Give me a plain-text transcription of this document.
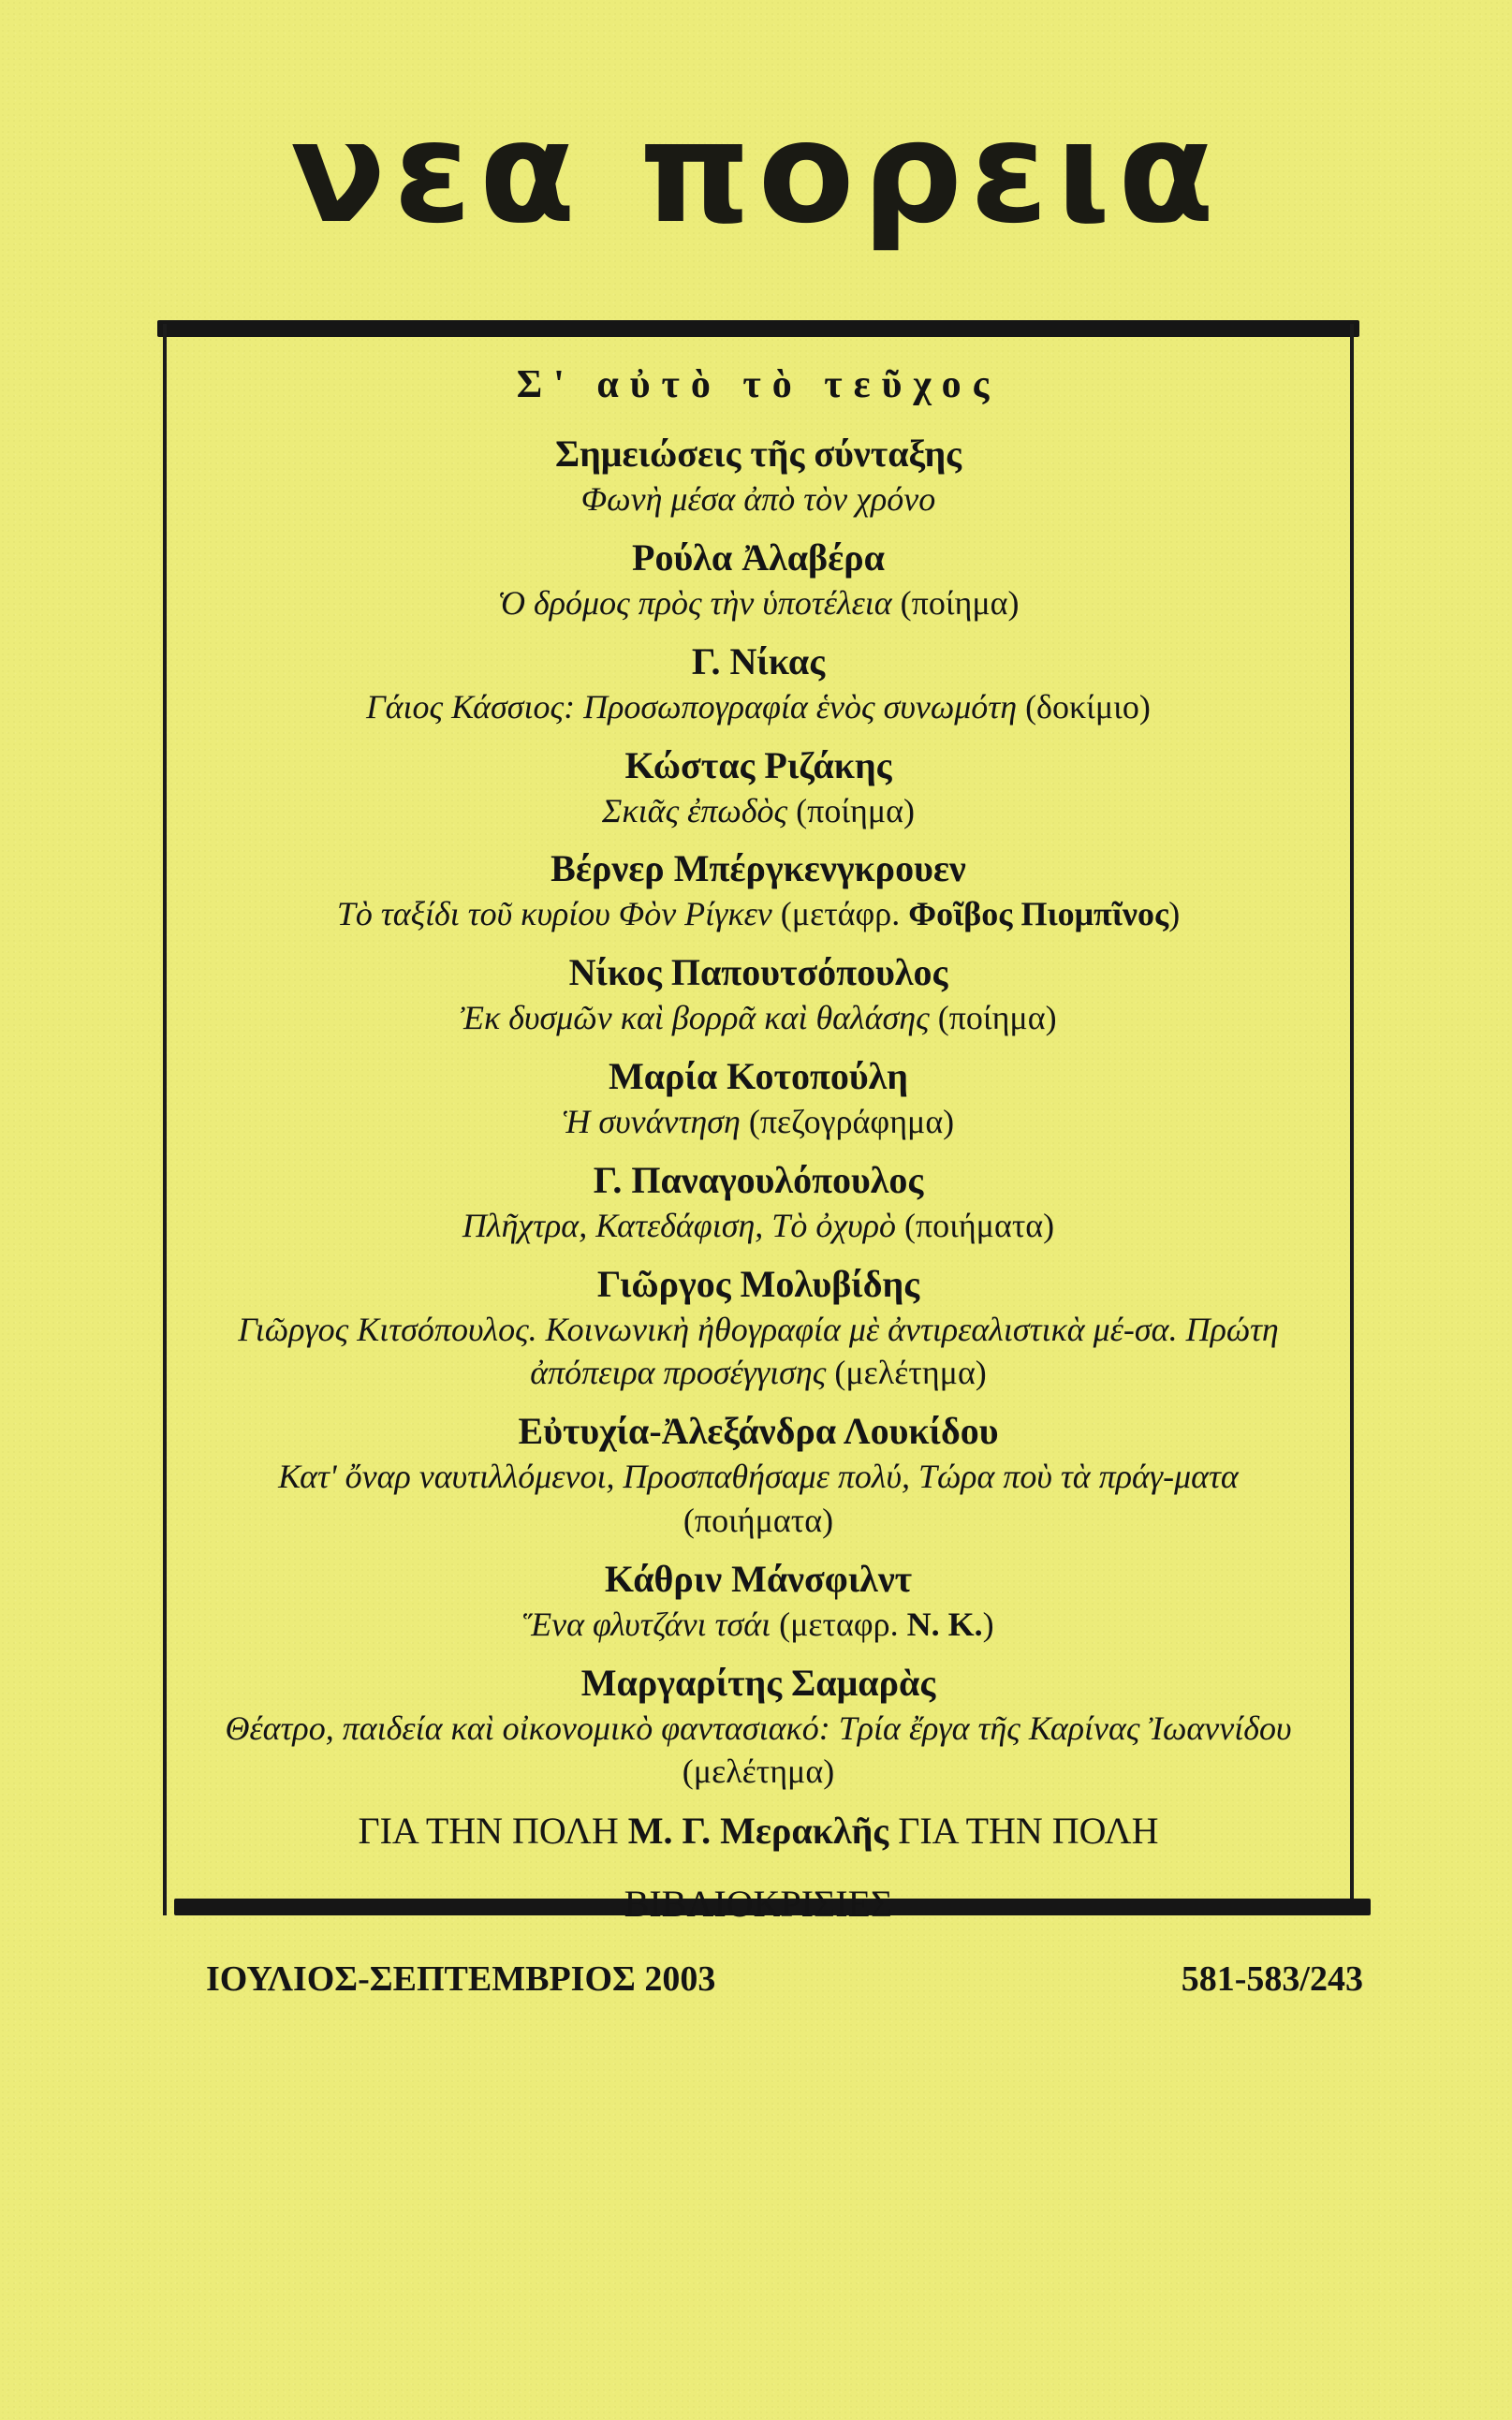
νεα πορεια
Σ' αὐτὸ τὸ τεῦχος
Σημειώσεις τῆς σύνταξης
Φωνὴ μέσα ἀπὸ τὸν χρόνο
Ρούλα Ἀλαβέρα
Ὁ δρόμος πρὸς τὴν ὑποτέλεια (ποίημα)
Γ. Νίκας
Γάιος Κάσσιος: Προσωπογραφία ἑνὸς συνωμότη (δοκίμιο)
Κώστας Ριζάκης
Σκιᾶς ἐπωδὸς (ποίημα)
Βέρνερ Μπέργκενγκρουεν
Τὸ ταξίδι τοῦ κυρίου Φὸν Ρίγκεν (μετάφρ. Φοῖβος Πιομπῖνος)
Νίκος Παπουτσόπουλος
Ἐκ δυσμῶν καὶ βορρᾶ καὶ θαλάσης (ποίημα)
Μαρία Κοτοπούλη
Ἡ συνάντηση (πεζογράφημα)
Γ. Παναγουλόπουλος
Πλῆχτρα, Κατεδάφιση, Τὸ ὀχυρὸ (ποιήματα)
Γιῶργος Μολυβίδης
Γιῶργος Κιτσόπουλος. Κοινωνικὴ ἠθογραφία μὲ ἀντιρεαλιστικὰ μέ-σα. Πρώτη ἀπόπειρα προσέγγισης (μελέτημα)
Εὐτυχία-Ἀλεξάνδρα Λουκίδου
Κατ' ὄναρ ναυτιλλόμενοι, Προσπαθήσαμε πολύ, Τώρα ποὺ τὰ πράγ-ματα (ποιήματα)
Κάθριν Μάνσφιλντ
Ἕνα φλυτζάνι τσάι (μεταφρ. Ν. Κ.)
Μαργαρίτης Σαμαρὰς
Θέατρο, παιδεία καὶ οἰκονομικὸ φαντασιακό: Τρία ἔργα τῆς Καρίνας Ἰωαννίδου (μελέτημα)
ΓΙΑ ΤΗΝ ΠΟΛΗ Μ. Γ. Μερακλῆς ΓΙΑ ΤΗΝ ΠΟΛΗ
ΒΙΒΛΙΟΚΡΙΣΙΕΣ
ΙΟΥΛΙΟΣ-ΣΕΠΤΕΜΒΡΙΟΣ 2003	581-583/243
